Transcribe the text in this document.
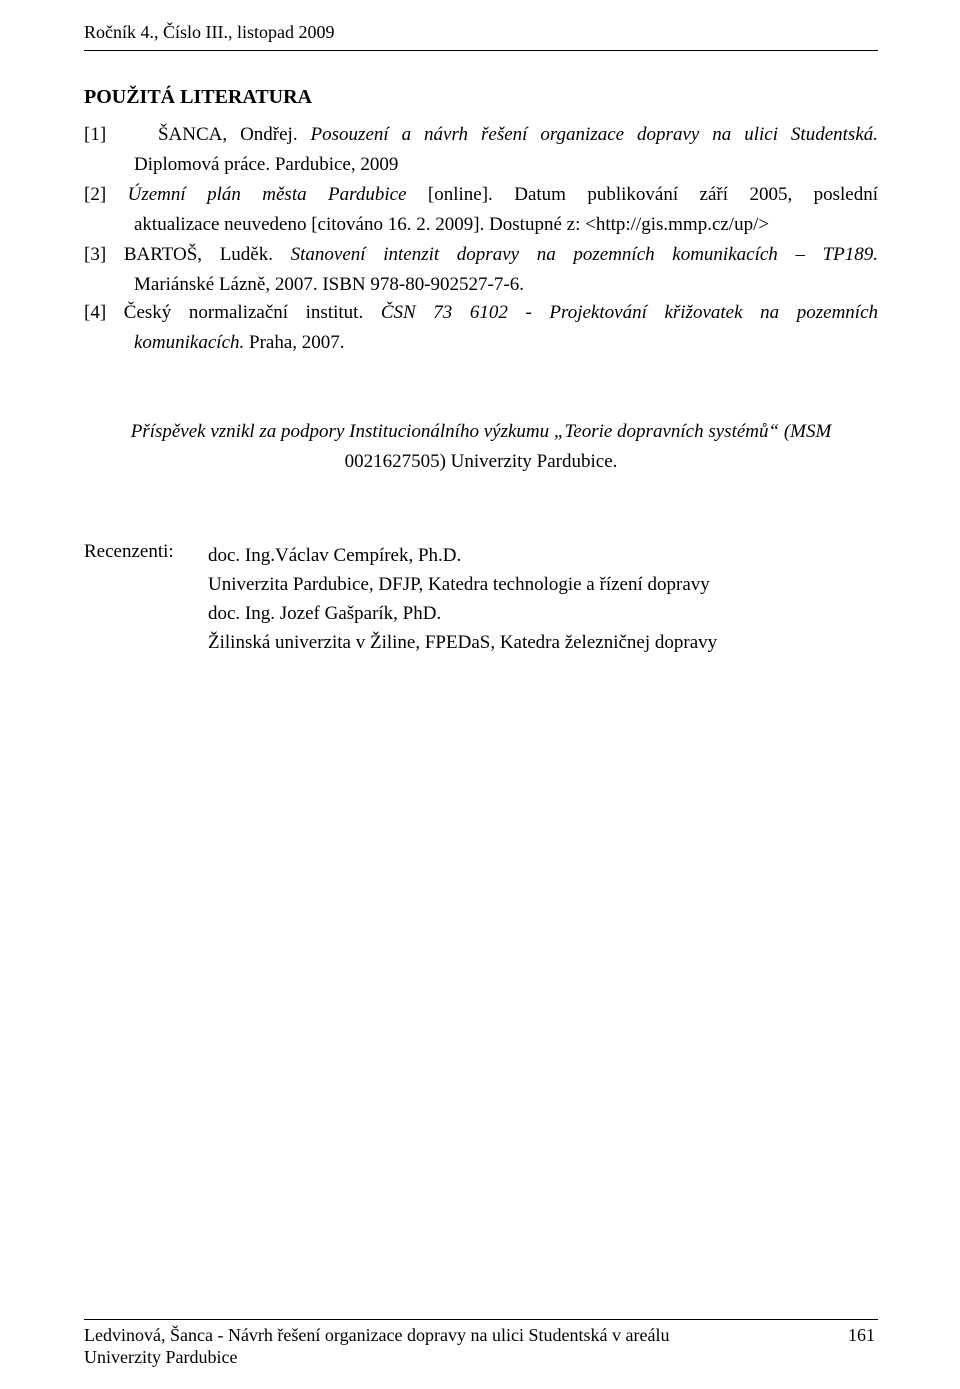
Ročník 4., Číslo III., listopad 2009
POUŽITÁ LITERATURA
[1]	ŠANCA, Ondřej. Posouzení a návrh řešení organizace dopravy na ulici Studentská.
Diplomová práce. Pardubice, 2009
[2] Územní plán města Pardubice [online]. Datum publikování září 2005, poslední
aktualizace neuvedeno [citováno 16. 2. 2009]. Dostupné z: <http://gis.mmp.cz/up/>
[3] BARTOŠ, Luděk. Stanovení intenzit dopravy na pozemních komunikacích – TP189.
Mariánské Lázně, 2007. ISBN 978-80-902527-7-6.
[4] Český normalizační institut. ČSN 73 6102 - Projektování křižovatek na pozemních
komunikacích. Praha, 2007.
Příspěvek vznikl za podpory Institucionálního výzkumu „Teorie dopravních systémů“ (MSM
0021627505) Univerzity Pardubice.
Recenzenti: doc. Ing.Václav Cempírek, Ph.D.
Univerzita Pardubice, DFJP, Katedra technologie a řízení dopravy
doc. Ing. Jozef Gašparík, PhD.
Žilinská univerzita v Žiline, FPEDaS, Katedra železničnej dopravy
Ledvinová, Šanca - Návrh řešení organizace dopravy na ulici Studentská v areálu
Univerzity Pardubice
161
